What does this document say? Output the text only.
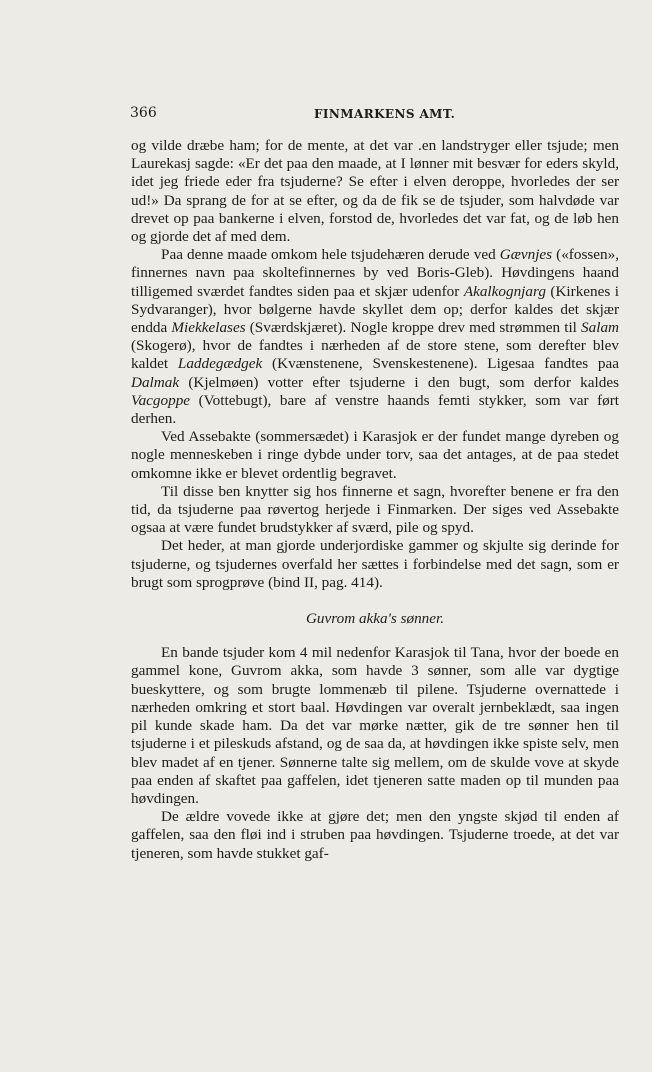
366	FINMARKENS AMT.

og vilde dræbe ham; for de mente, at det var .en landstryger eller tsjude; men Laurekasj sagde: «Er det paa den maade, at I lønner mit besvær for eders skyld, idet jeg friede eder fra tsjuderne? Se efter i elven deroppe, hvorledes der ser ud!» Da sprang de for at se efter, og da de fik se de tsjuder, som halvdøde var drevet op paa bankerne i elven, forstod de, hvorledes det var fat, og de løb hen og gjorde det af med dem.

Paa denne maade omkom hele tsjudehæren derude ved Gævnjes («fossen», finnernes navn paa skoltefinnernes by ved Boris-Gleb). Høvdingens haand tilligemed sværdet fandtes siden paa et skjær udenfor Akalkognjarg (Kirkenes i Sydvaranger), hvor bølgerne havde skyllet dem op; derfor kaldes det skjær endda Miekkelases (Sværdskjæret). Nogle kroppe drev med strømmen til Salam (Skogerø), hvor de fandtes i nærheden af de store stene, som derefter blev kaldet Laddegædgek (Kvænstenene, Svenskestenene). Ligesaa fandtes paa Dalmak (Kjelmøen) votter efter tsjuderne i den bugt, som derfor kaldes Vacgoppe (Vottebugt), bare af venstre haands femti stykker, som var ført derhen.

Ved Assebakte (sommersædet) i Karasjok er der fundet mange dyreben og nogle menneskeben i ringe dybde under torv, saa det antages, at de paa stedet omkomne ikke er blevet ordentlig begravet.

Til disse ben knytter sig hos finnerne et sagn, hvorefter benene er fra den tid, da tsjuderne paa røvertog herjede i Finmarken. Der siges ved Assebakte ogsaa at være fundet brudstykker af sværd, pile og spyd.

Det heder, at man gjorde underjordiske gammer og skjulte sig derinde for tsjuderne, og tsjudernes overfald her sættes i forbindelse med det sagn, som er brugt som sprogprøve (bind II, pag. 414).

Guvrom akka's sønner.

En bande tsjuder kom 4 mil nedenfor Karasjok til Tana, hvor der boede en gammel kone, Guvrom akka, som havde 3 sønner, som alle var dygtige bueskyttere, og som brugte lommenæb til pilene. Tsjuderne overnattede i nærheden omkring et stort baal. Høvdingen var overalt jernbeklædt, saa ingen pil kunde skade ham. Da det var mørke nætter, gik de tre sønner hen til tsjuderne i et pileskuds afstand, og de saa da, at høvdingen ikke spiste selv, men blev madet af en tjener. Sønnerne talte sig mellem, om de skulde vove at skyde paa enden af skaftet paa gaffelen, idet tjeneren satte maden op til munden paa høvdingen.

De ældre vovede ikke at gjøre det; men den yngste skjød til enden af gaffelen, saa den fløi ind i struben paa høvdingen. Tsjuderne troede, at det var tjeneren, som havde stukket gaf-
